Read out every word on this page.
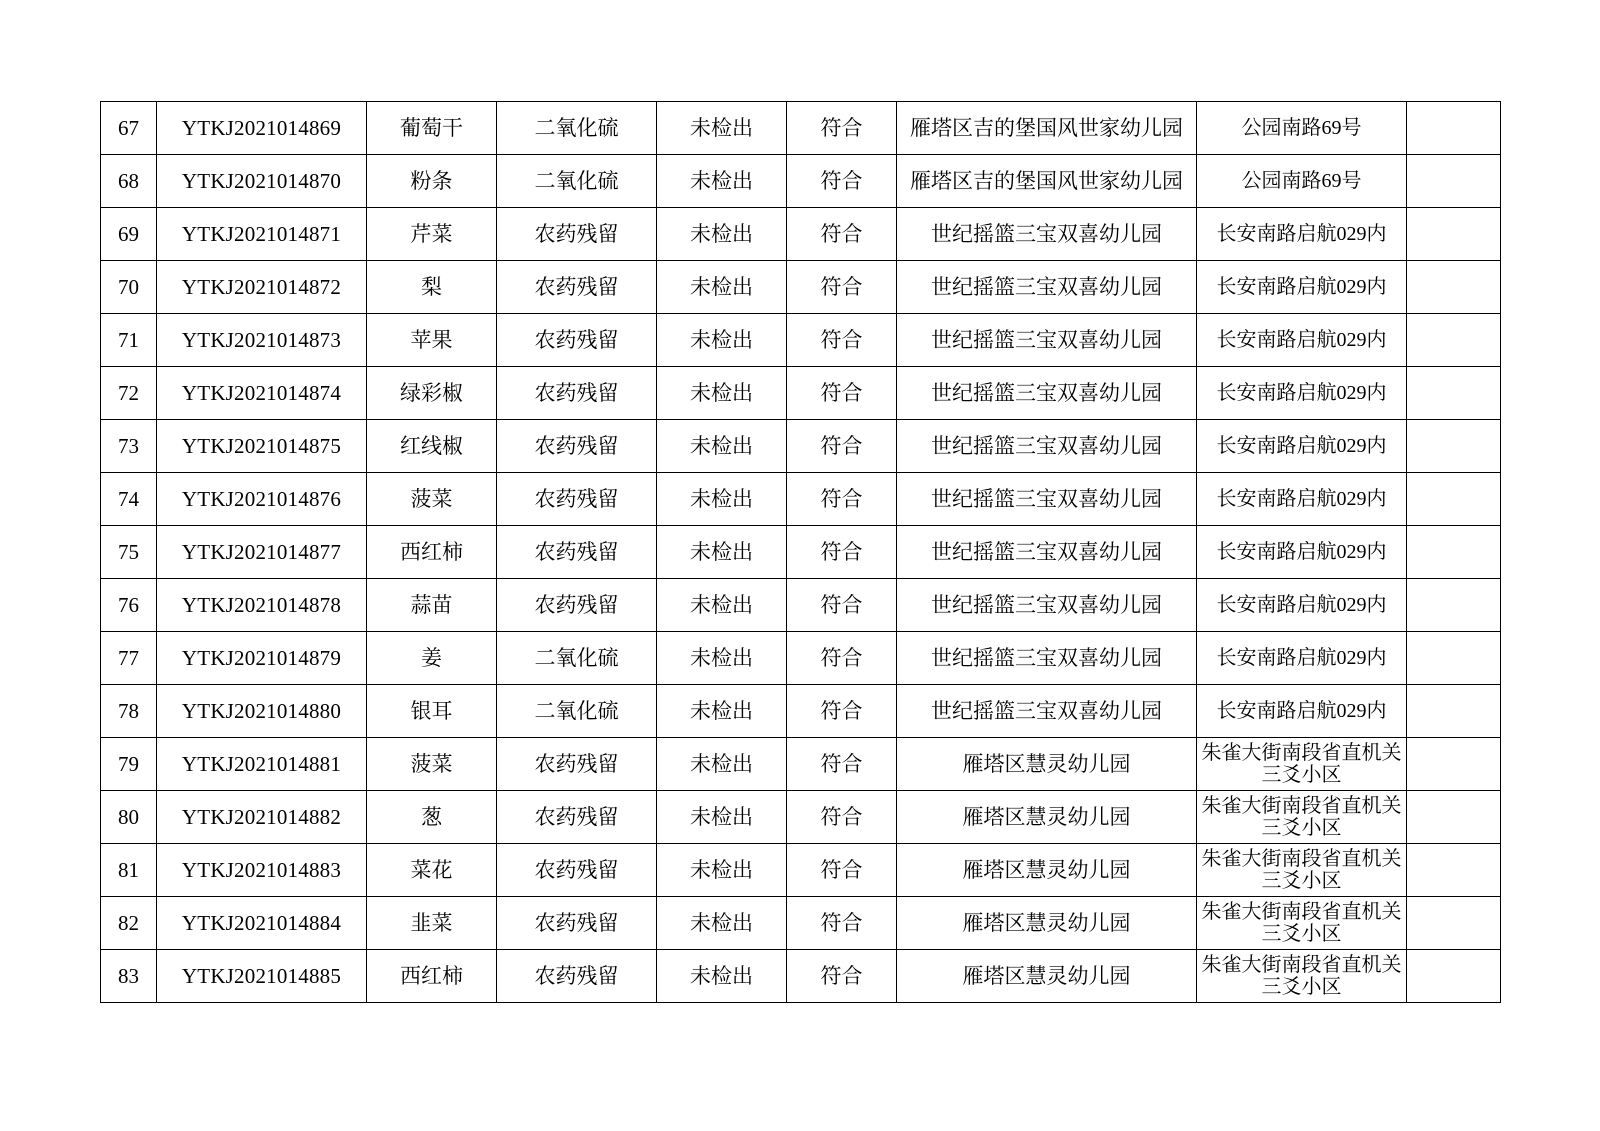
67	YTKJ2021014869	葡萄干	二氧化硫	未检出	符合	雁塔区吉的堡国风世家幼儿园	公园南路69号	

68	YTKJ2021014870	粉条	二氧化硫	未检出	符合	雁塔区吉的堡国风世家幼儿园	公园南路69号	

69	YTKJ2021014871	芹菜	农药残留	未检出	符合	世纪摇篮三宝双喜幼儿园	长安南路启航029内	

70	YTKJ2021014872	梨	农药残留	未检出	符合	世纪摇篮三宝双喜幼儿园	长安南路启航029内	

71	YTKJ2021014873	苹果	农药残留	未检出	符合	世纪摇篮三宝双喜幼儿园	长安南路启航029内	

72	YTKJ2021014874	绿彩椒	农药残留	未检出	符合	世纪摇篮三宝双喜幼儿园	长安南路启航029内	

73	YTKJ2021014875	红线椒	农药残留	未检出	符合	世纪摇篮三宝双喜幼儿园	长安南路启航029内	

74	YTKJ2021014876	菠菜	农药残留	未检出	符合	世纪摇篮三宝双喜幼儿园	长安南路启航029内	

75	YTKJ2021014877	西红柿	农药残留	未检出	符合	世纪摇篮三宝双喜幼儿园	长安南路启航029内	

76	YTKJ2021014878	蒜苗	农药残留	未检出	符合	世纪摇篮三宝双喜幼儿园	长安南路启航029内	

77	YTKJ2021014879	姜	二氧化硫	未检出	符合	世纪摇篮三宝双喜幼儿园	长安南路启航029内	

78	YTKJ2021014880	银耳	二氧化硫	未检出	符合	世纪摇篮三宝双喜幼儿园	长安南路启航029内	

79	YTKJ2021014881	菠菜	农药残留	未检出	符合	雁塔区慧灵幼儿园	朱雀大街南段省直机关三爻小区	

80	YTKJ2021014882	葱	农药残留	未检出	符合	雁塔区慧灵幼儿园	朱雀大街南段省直机关三爻小区	

81	YTKJ2021014883	菜花	农药残留	未检出	符合	雁塔区慧灵幼儿园	朱雀大街南段省直机关三爻小区	

82	YTKJ2021014884	韭菜	农药残留	未检出	符合	雁塔区慧灵幼儿园	朱雀大街南段省直机关三爻小区	

83	YTKJ2021014885	西红柿	农药残留	未检出	符合	雁塔区慧灵幼儿园	朱雀大街南段省直机关三爻小区	
